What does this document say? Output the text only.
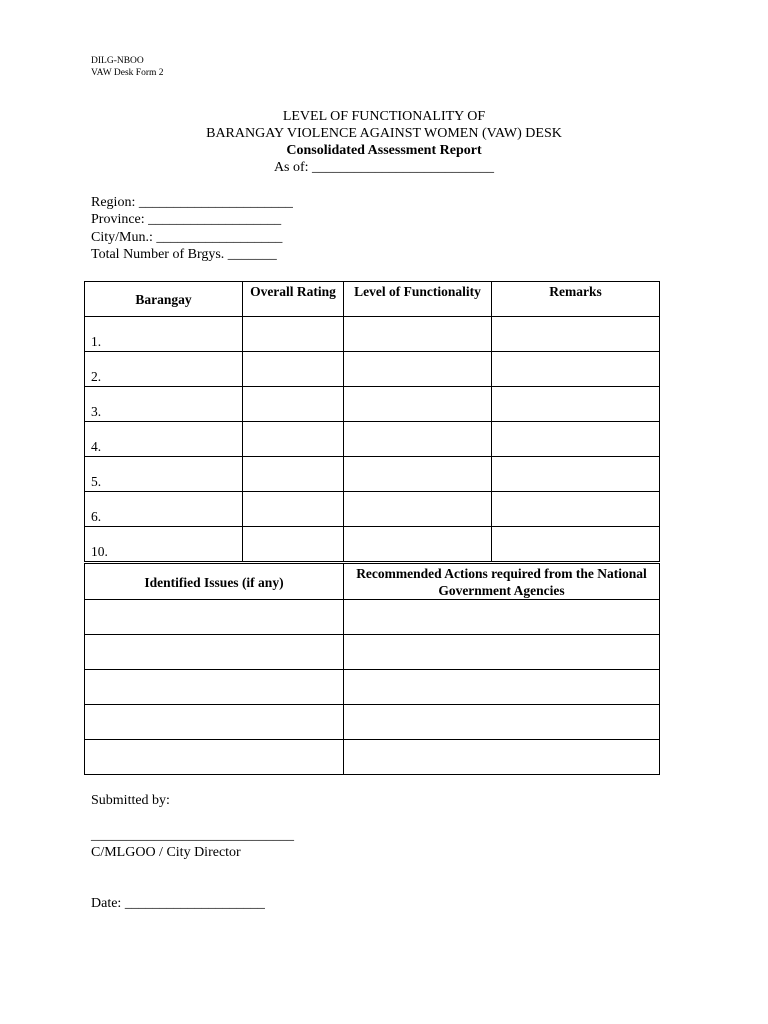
DILG-NBOO
VAW Desk Form 2
LEVEL OF FUNCTIONALITY OF
BARANGAY VIOLENCE AGAINST WOMEN (VAW) DESK
Consolidated Assessment Report
As of: __________________________
Region: ______________________
Province: ___________________
City/Mun.: __________________
Total Number of Brgys. _______
Barangay	Overall Rating	Level of Functionality	Remarks
1.			
2.			
3.			
4.			
5.			
6.			
10.			
Identified Issues (if any)	Recommended Actions required from the National Government Agencies

Submitted by:
_____________________________
C/MLGOO / City Director
Date: ____________________
